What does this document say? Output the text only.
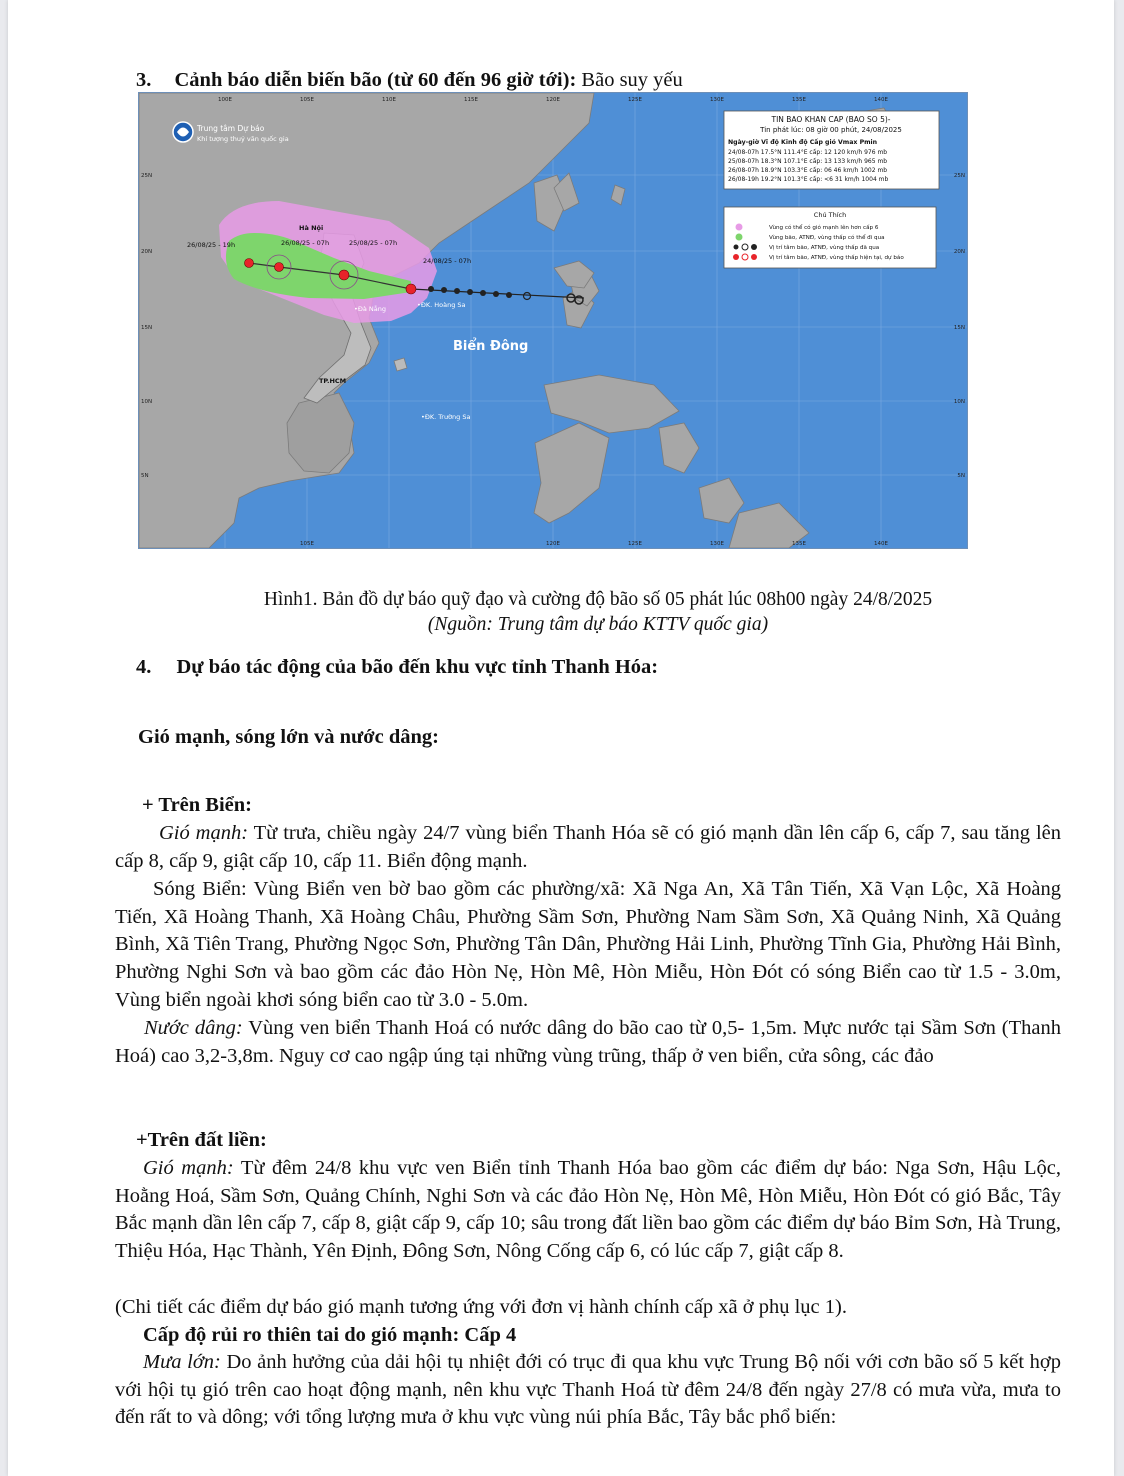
3. Cảnh báo diễn biến bão (từ 60 đến 96 giờ tới): Bão suy yếu
Trung tâm Dự báo
Khí tượng thuỷ văn quốc gia
TIN BAO KHAN CAP (BAO SO 5)-
Tin phát lúc: 08 giờ 00 phút, 24/08/2025
Ngày-giờ Vĩ độ Kinh độ Cấp gió Vmax Pmin
24/08-07h 17.5°N 111.4°E cấp: 12 120 km/h 976 mb
25/08-07h 18.3°N 107.1°E cấp: 13 133 km/h 965 mb
26/08-07h 18.9°N 103.3°E cấp: 06 46 km/h 1002 mb
26/08-19h 19.2°N 101.3°E cấp: <6 31 km/h 1004 mb
Chú Thích
Vùng có thể có gió mạnh lên hơn cấp 6
Vùng bão, ATNĐ, vùng thấp có thể đi qua
Vị trí tâm bão, ATNĐ, vùng thấp đã qua
Vị trí tâm bão, ATNĐ, vùng thấp hiện tại, dự báo
Hà Nội
26/08/25 - 19h	26/08/25 - 07h	25/08/25 - 07h
24/08/25 - 07h
•Đà Nẵng	•ĐK. Hoàng Sa
TP.HCM
•ĐK. Trường Sa
Biển Đông
100E	105E	110E	115E	120E	125E	130E	135E	140E
105E	120E	125E	130E	135E	140E
25N
20N
15N
10N
5N
25N
20N
15N
10N
5N
Hình1. Bản đồ dự báo quỹ đạo và cường độ bão số 05 phát lúc 08h00 ngày 24/8/2025
(Nguồn: Trung tâm dự báo KTTV quốc gia)
4. Dự báo tác động của bão đến khu vực tỉnh Thanh Hóa:
Gió mạnh, sóng lớn và nước dâng:
+ Trên Biển:
Gió mạnh: Từ trưa, chiều ngày 24/7 vùng biển Thanh Hóa sẽ có gió mạnh dần lên cấp 6, cấp 7, sau tăng lên cấp 8, cấp 9, giật cấp 10, cấp 11. Biển động mạnh.
Sóng Biển: Vùng Biển ven bờ bao gồm các phường/xã: Xã Nga An, Xã Tân Tiến, Xã Vạn Lộc, Xã Hoàng Tiến, Xã Hoàng Thanh, Xã Hoàng Châu, Phường Sầm Sơn, Phường Nam Sầm Sơn, Xã Quảng Ninh, Xã Quảng Bình, Xã Tiên Trang, Phường Ngọc Sơn, Phường Tân Dân, Phường Hải Linh, Phường Tĩnh Gia, Phường Hải Bình, Phường Nghi Sơn và bao gồm các đảo Hòn Nẹ, Hòn Mê, Hòn Miễu, Hòn Đót có sóng Biển cao từ 1.5 - 3.0m, Vùng biển ngoài khơi sóng biển cao từ 3.0 - 5.0m.
Nước dâng: Vùng ven biển Thanh Hoá có nước dâng do bão cao từ 0,5- 1,5m. Mực nước tại Sầm Sơn (Thanh Hoá) cao 3,2-3,8m. Nguy cơ cao ngập úng tại những vùng trũng, thấp ở ven biển, cửa sông, các đảo
+Trên đất liền:
Gió mạnh: Từ đêm 24/8 khu vực ven Biển tỉnh Thanh Hóa bao gồm các điểm dự báo: Nga Sơn, Hậu Lộc, Hoằng Hoá, Sầm Sơn, Quảng Chính, Nghi Sơn và các đảo Hòn Nẹ, Hòn Mê, Hòn Miễu, Hòn Đót có gió Bắc, Tây Bắc mạnh dần lên cấp 7, cấp 8, giật cấp 9, cấp 10; sâu trong đất liền bao gồm các điểm dự báo Bỉm Sơn, Hà Trung, Thiệu Hóa, Hạc Thành, Yên Định, Đông Sơn, Nông Cống cấp 6, có lúc cấp 7, giật cấp 8.
(Chi tiết các điểm dự báo gió mạnh tương ứng với đơn vị hành chính cấp xã ở phụ lục 1).
Cấp độ rủi ro thiên tai do gió mạnh: Cấp 4
Mưa lớn: Do ảnh hưởng của dải hội tụ nhiệt đới có trục đi qua khu vực Trung Bộ nối với cơn bão số 5 kết hợp với hội tụ gió trên cao hoạt động mạnh, nên khu vực Thanh Hoá từ đêm 24/8 đến ngày 27/8 có mưa vừa, mưa to đến rất to và dông; với tổng lượng mưa ở khu vực vùng núi phía Bắc, Tây bắc phổ biến:
